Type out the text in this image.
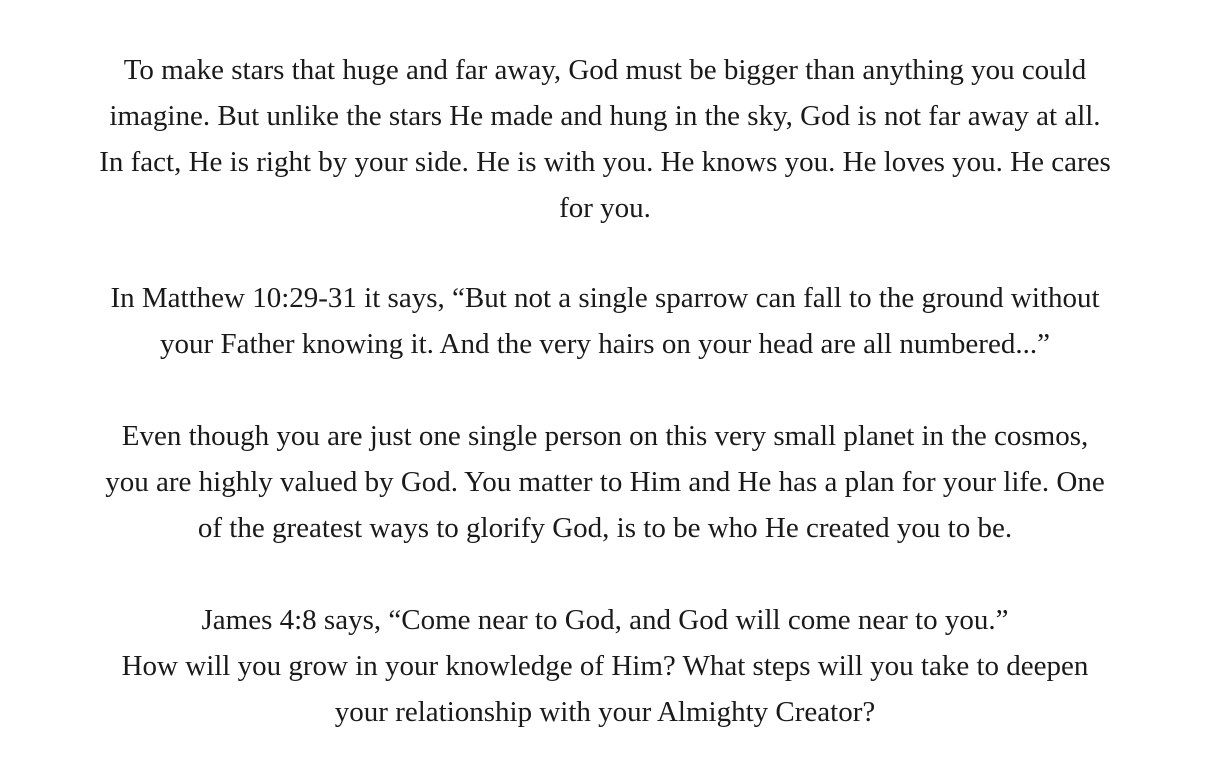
To make stars that huge and far away, God must be bigger than anything you could
imagine. But unlike the stars He made and hung in the sky, God is not far away at all.
In fact, He is right by your side. He is with you. He knows you. He loves you. He cares
for you.

In Matthew 10:29-31 it says, “But not a single sparrow can fall to the ground without
your Father knowing it. And the very hairs on your head are all numbered...”

Even though you are just one single person on this very small planet in the cosmos,
you are highly valued by God. You matter to Him and He has a plan for your life. One
of the greatest ways to glorify God, is to be who He created you to be.

James 4:8 says, “Come near to God, and God will come near to you.”
How will you grow in your knowledge of Him? What steps will you take to deepen
your relationship with your Almighty Creator?
